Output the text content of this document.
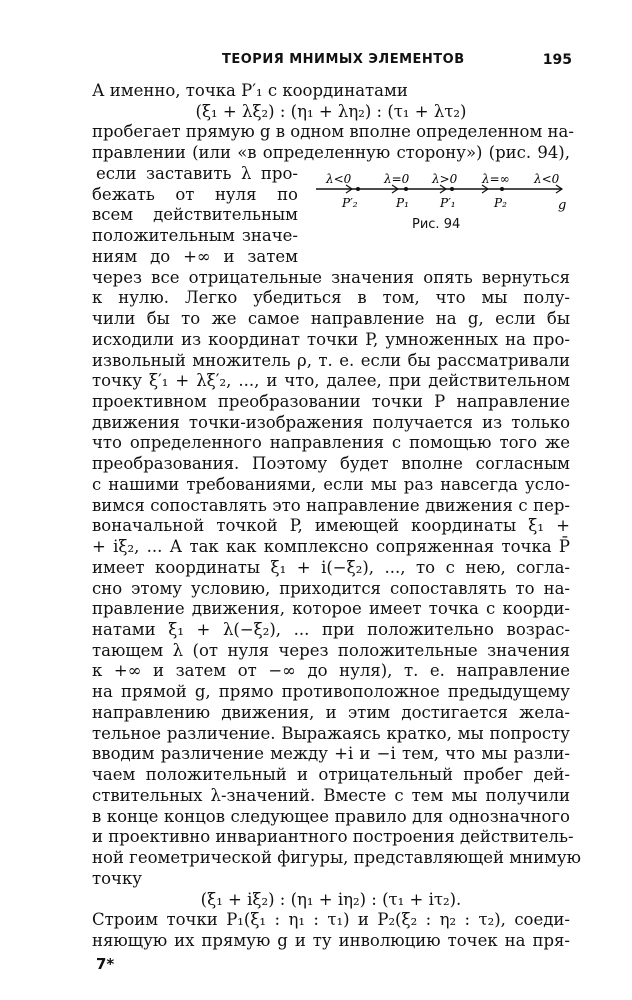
ТЕОРИЯ МНИМЫХ ЭЛЕМЕНТОВ	195
А именно, точка P′₁ с координатами
(ξ₁ + λξ₂) : (η₁ + λη₂) : (τ₁ + λτ₂)
пробегает прямую g в одном вполне определенном на-
правлении (или «в определенную сторону») (рис. 94),
если заставить λ про-
бежать от нуля по
всем действительным
положительным значе-
ниям до +∞ и затем
λ<0	λ=0 λ>0 λ=∞ λ<0
P′₂	P₁	P′₁	P₂	g
Рис. 94
через все отрицательные значения опять вернуться
к нулю. Легко убедиться в том, что мы полу-
чили бы то же самое направление на g, если бы
исходили из координат точки P, умноженных на про-
извольный множитель ρ, т. е. если бы рассматривали
точку ξ′₁ + λξ′₂, ..., и что, далее, при действительном
проективном преобразовании точки P направление
движения точки-изображения получается из только
что определенного направления с помощью того же
преобразования. Поэтому будет вполне согласным
с нашими требованиями, если мы раз навсегда усло-
вимся сопоставлять это направление движения с пер-
воначальной точкой P, имеющей координаты ξ₁ +
+ iξ₂, ... А так как комплексно сопряженная точка P̄
имеет координаты ξ₁ + i(−ξ₂), ..., то с нею, согла-
сно этому условию, приходится сопоставлять то на-
правление движения, которое имеет точка с коорди-
натами ξ₁ + λ(−ξ₂), ... при положительно возрас-
тающем λ (от нуля через положительные значения
к +∞ и затем от −∞ до нуля), т. е. направление
на прямой g, прямо противоположное предыдущему
направлению движения, и этим достигается жела-
тельное различение. Выражаясь кратко, мы попросту
вводим различение между +i и −i тем, что мы разли-
чаем положительный и отрицательный пробег дей-
ствительных λ-значений. Вместе с тем мы получили
в конце концов следующее правило для однозначного
и проективно инвариантного построения действитель-
ной геометрической фигуры, представляющей мнимую
точку
(ξ₁ + iξ₂) : (η₁ + iη₂) : (τ₁ + iτ₂).
Строим точки P₁(ξ₁ : η₁ : τ₁) и P₂(ξ₂ : η₂ : τ₂), соеди-
7*
няющую их прямую g и ту инволюцию точек на пря-
